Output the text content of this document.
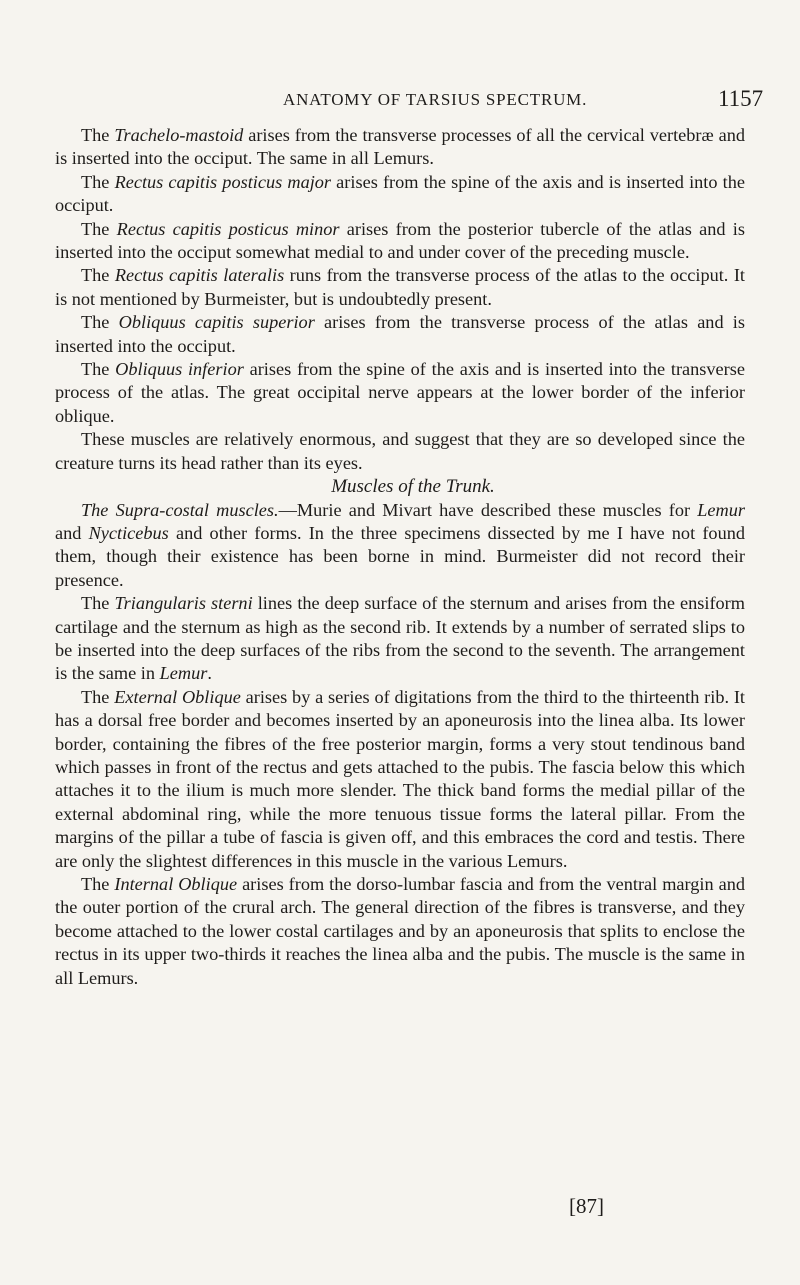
ANATOMY OF TARSIUS SPECTRUM.	1157

The Trachelo-mastoid arises from the transverse processes of all the cervical vertebræ and is inserted into the occiput. The same in all Lemurs.

The Rectus capitis posticus major arises from the spine of the axis and is inserted into the occiput.

The Rectus capitis posticus minor arises from the posterior tubercle of the atlas and is inserted into the occiput somewhat medial to and under cover of the preceding muscle.

The Rectus capitis lateralis runs from the transverse process of the atlas to the occiput. It is not mentioned by Burmeister, but is undoubtedly present.

The Obliquus capitis superior arises from the transverse process of the atlas and is inserted into the occiput.

The Obliquus inferior arises from the spine of the axis and is inserted into the transverse process of the atlas. The great occipital nerve appears at the lower border of the inferior oblique.

These muscles are relatively enormous, and suggest that they are so developed since the creature turns its head rather than its eyes.

Muscles of the Trunk.

The Supra-costal muscles.—Murie and Mivart have described these muscles for Lemur and Nycticebus and other forms. In the three specimens dissected by me I have not found them, though their existence has been borne in mind. Burmeister did not record their presence.

The Triangularis sterni lines the deep surface of the sternum and arises from the ensiform cartilage and the sternum as high as the second rib. It extends by a number of serrated slips to be inserted into the deep surfaces of the ribs from the second to the seventh. The arrangement is the same in Lemur.

The External Oblique arises by a series of digitations from the third to the thirteenth rib. It has a dorsal free border and becomes inserted by an aponeurosis into the linea alba. Its lower border, containing the fibres of the free posterior margin, forms a very stout tendinous band which passes in front of the rectus and gets attached to the pubis. The fascia below this which attaches it to the ilium is much more slender. The thick band forms the medial pillar of the external abdominal ring, while the more tenuous tissue forms the lateral pillar. From the margins of the pillar a tube of fascia is given off, and this embraces the cord and testis. There are only the slightest differences in this muscle in the various Lemurs.

The Internal Oblique arises from the dorso-lumbar fascia and from the ventral margin and the outer portion of the crural arch. The general direction of the fibres is transverse, and they become attached to the lower costal cartilages and by an aponeurosis that splits to enclose the rectus in its upper two-thirds it reaches the linea alba and the pubis. The muscle is the same in all Lemurs.

[87]
